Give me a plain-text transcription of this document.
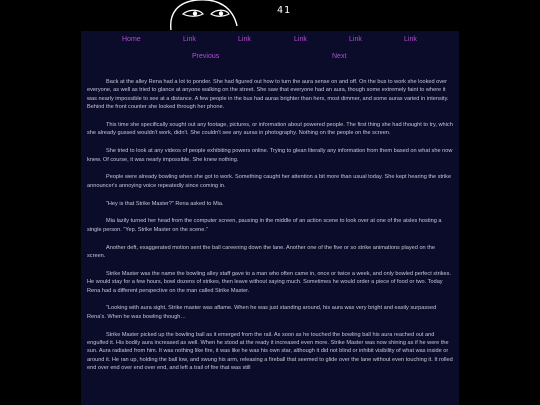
41
Home	Link	Link	Link	Link	Link
Previous	Next

Back at the alley Rena had a lot to ponder. She had figured out how to turn the aura sense on and off. On the bus to work she looked over everyone, as well as tried to glance at anyone walking on the street. She saw that everyone had an aura, though some extremely faint to where it was nearly impossible to see at a distance. A few people in the bus had auras brighter than hers, most dimmer, and some auras varied in intensity. Behind the front counter she looked through her phone.

This time she specifically sought out any footage, pictures, or information about powered people. The first thing she had thought to try, which she already gussed wouldn't work, didn't. She couldn't see any auras in photography. Nothing on the people on the screen.

She tried to look at any videos of people exhibiting powers online. Trying to glean literally any information from them based on what she now knew. Of course, it was nearly impossible. She knew nothing.

People were already bowling when she got to work. Something caught her attention a bit more than usual today. She kept hearing the strike announcer's annoying voice repeatedly since coming in.

“Hey is that Strike Master?” Rena asked to Mia.

Mia lazily turned her head from the computer screen, pausing in the middle of an action scene to look over at one of the aisles hosting a single person. “Yep. Strike Master on the scene.”

Another deft, exaggerated motion sent the ball careening down the lane. Another one of the five or so strike animations played on the screen.

Strike Master was the name the bowling alley staff gave to a man who often came in, once or twice a week, and only bowled perfect strikes. He would stay for a few hours, bowl dozens of strikes, then leave without saying much. Sometimes he would order a piece of food or two. Today Rena had a different perspective on the man called Strike Master.

“Looking with aura sight, Strike master was aflame. When he was just standing around, his aura was very bright and easily surpassed Rena's. When he was bowling though…

Strike Master picked up the bowling ball as it emerged from the rail. As soon as he touched the bowling ball his aura reached out and engulfed it. His bodily aura increased as well. When he stood at the ready it increased even more. Strike Master was now shining as if he were the sun. Aura radiated from him. It was nothing like fire, it was like he was his own star, although it did not blind or inhibit visibility of what was inside or around it. He ran up, holding the ball low, and swung his arm, releasing a fireball that seemed to glide over the lane without even touching it. It rolled end over end over end over end, and left a trail of fire that was still
